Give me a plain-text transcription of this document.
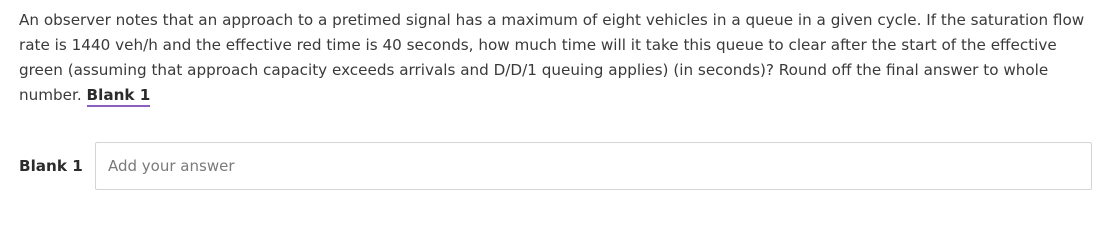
An observer notes that an approach to a pretimed signal has a maximum of eight vehicles in a queue in a given cycle. If the saturation flow rate is 1440 veh/h and the effective red time is 40 seconds, how much time will it take this queue to clear after the start of the effective green (assuming that approach capacity exceeds arrivals and D/D/1 queuing applies) (in seconds)? Round off the final answer to whole number. Blank 1

Blank 1
Add your answer
